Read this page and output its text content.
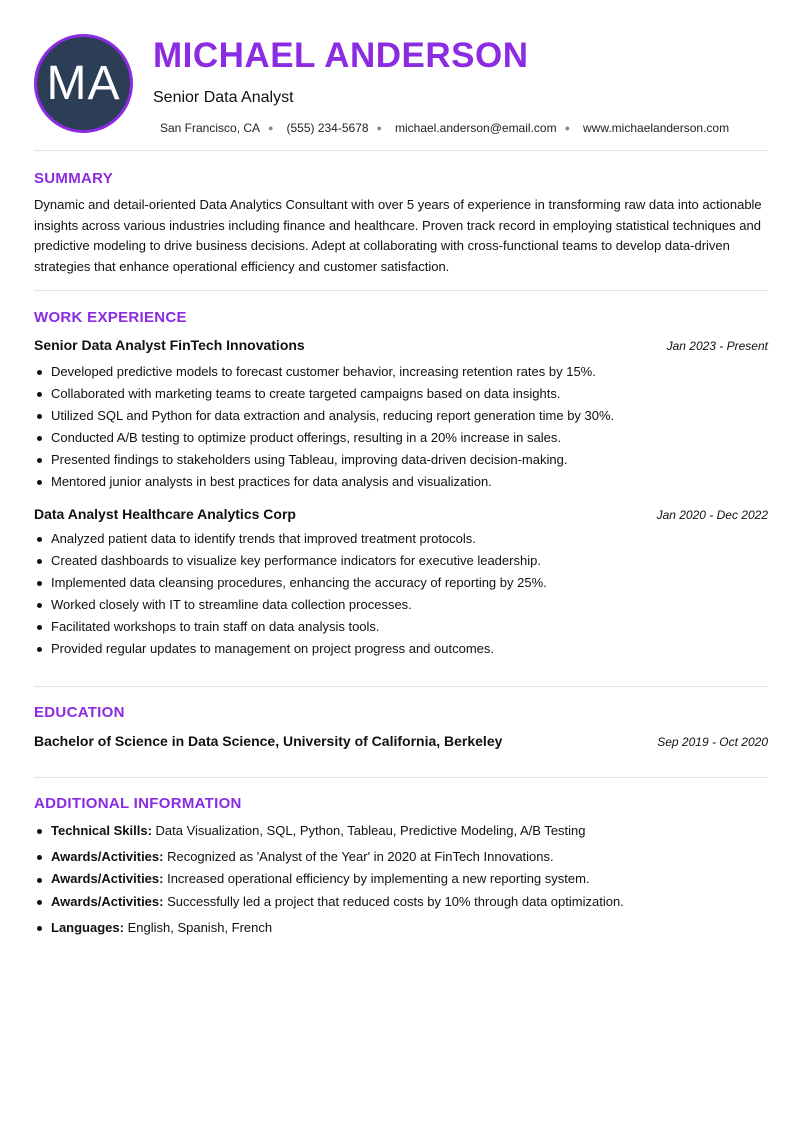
MA
MICHAEL ANDERSON
Senior Data Analyst
San Francisco, CA ● (555) 234-5678 ● michael.anderson@email.com ● www.michaelanderson.com
SUMMARY

Dynamic and detail-oriented Data Analytics Consultant with over 5 years of experience in transforming raw data into actionable insights across various industries including finance and healthcare. Proven track record in employing statistical techniques and predictive modeling to drive business decisions. Adept at collaborating with cross-functional teams to develop data-driven strategies that enhance operational efficiency and customer satisfaction.

WORK EXPERIENCE
Senior Data Analyst FinTech Innovations	Jan 2023 - Present
Developed predictive models to forecast customer behavior, increasing retention rates by 15%.
Collaborated with marketing teams to create targeted campaigns based on data insights.
Utilized SQL and Python for data extraction and analysis, reducing report generation time by 30%.
Conducted A/B testing to optimize product offerings, resulting in a 20% increase in sales.
Presented findings to stakeholders using Tableau, improving data-driven decision-making.
Mentored junior analysts in best practices for data analysis and visualization.
Data Analyst Healthcare Analytics Corp	Jan 2020 - Dec 2022
Analyzed patient data to identify trends that improved treatment protocols.
Created dashboards to visualize key performance indicators for executive leadership.
Implemented data cleansing procedures, enhancing the accuracy of reporting by 25%.
Worked closely with IT to streamline data collection processes.
Facilitated workshops to train staff on data analysis tools.
Provided regular updates to management on project progress and outcomes.
EDUCATION
Bachelor of Science in Data Science, University of California, Berkeley	Sep 2019 - Oct 2020
ADDITIONAL INFORMATION
Technical Skills: Data Visualization, SQL, Python, Tableau, Predictive Modeling, A/B Testing
Awards/Activities: Recognized as 'Analyst of the Year' in 2020 at FinTech Innovations.
Awards/Activities: Increased operational efficiency by implementing a new reporting system.
Awards/Activities: Successfully led a project that reduced costs by 10% through data optimization.
Languages: English, Spanish, French
